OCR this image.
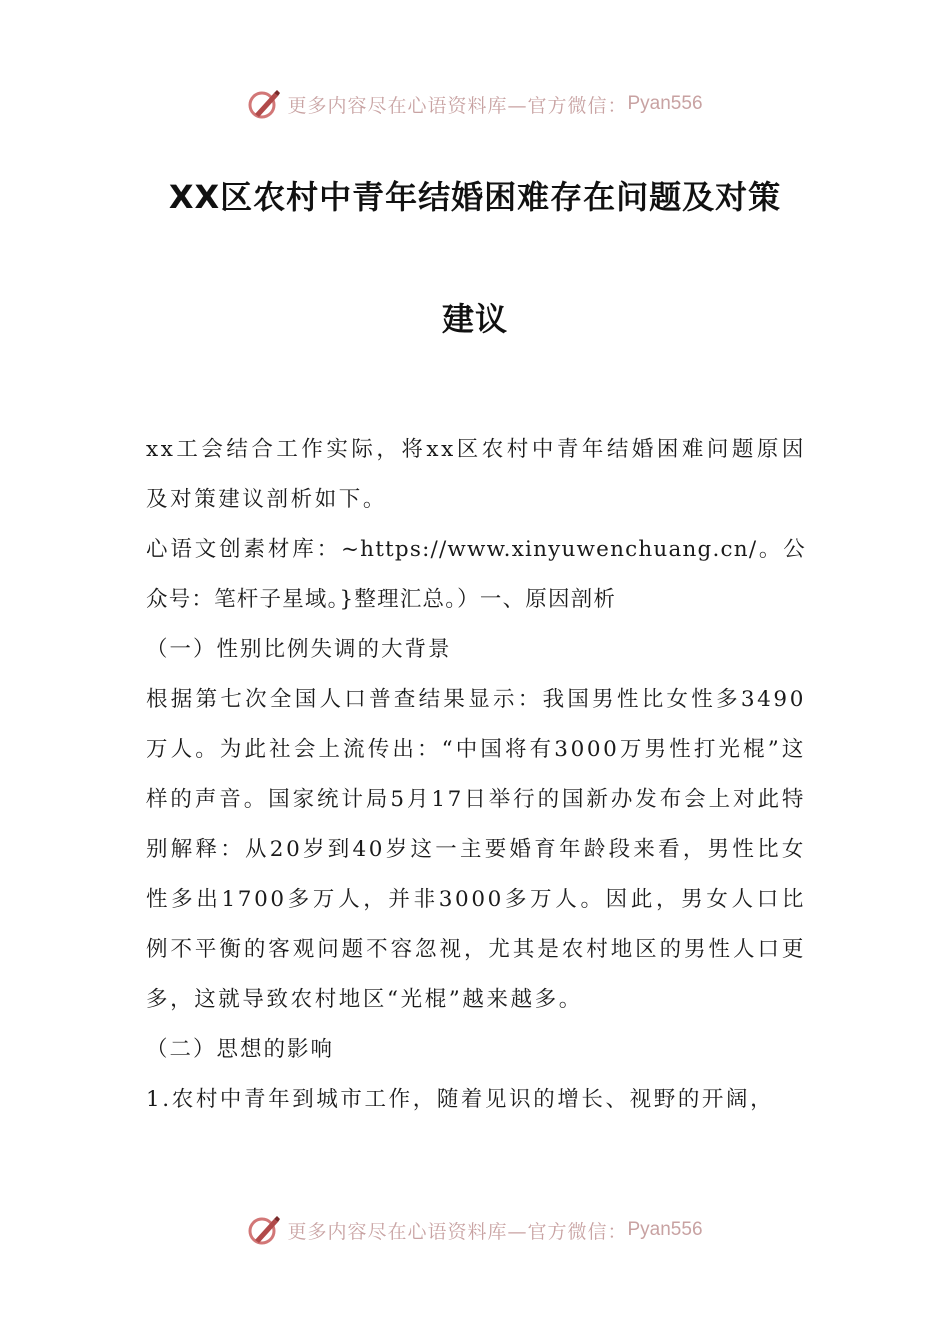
更多内容尽在心语资料库—官方微信： Pyan556
XX区农村中青年结婚困难存在问题及对策
建议

xx工会结合工作实际，将xx区农村中青年结婚困难问题原因及对策建议剖析如下。

心语文创素材库：~https://www.xinyuwenchuang.cn/。公众号：笔杆子星域。}整理汇总。）一、原因剖析

（一）性别比例失调的大背景

根据第七次全国人口普查结果显示：我国男性比女性多3490万人。为此社会上流传出：“中国将有3000万男性打光棍”这样的声音。国家统计局5月17日举行的国新办发布会上对此特别解释：从20岁到40岁这一主要婚育年龄段来看，男性比女性多出1700多万人，并非3000多万人。因此，男女人口比例不平衡的客观问题不容忽视，尤其是农村地区的男性人口更多，这就导致农村地区“光棍”越来越多。

（二）思想的影响

1.农村中青年到城市工作，随着见识的增长、视野的开阔，

更多内容尽在心语资料库—官方微信： Pyan556
